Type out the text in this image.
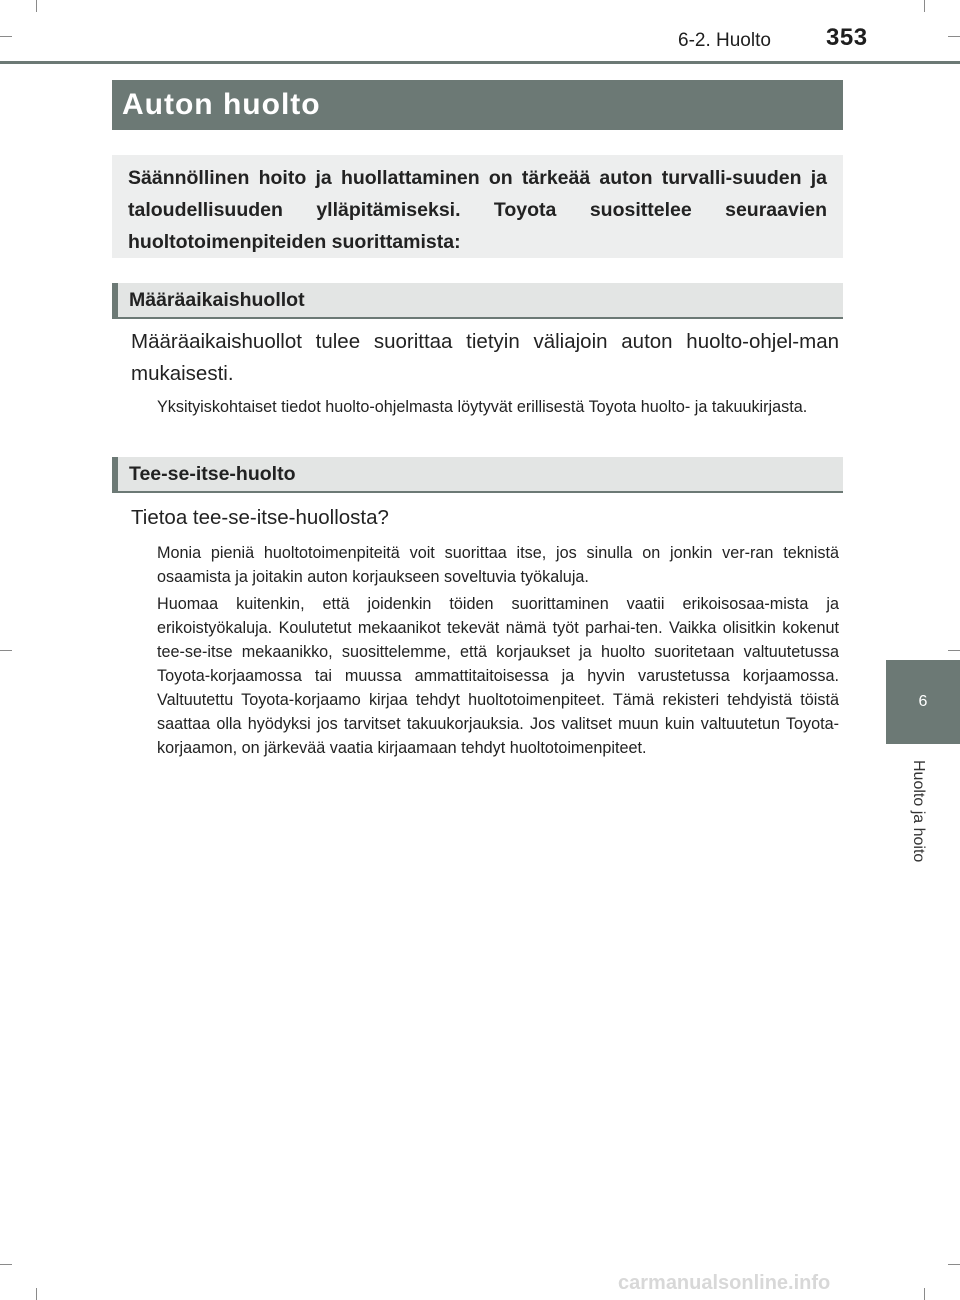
6-2. Huolto 353
Auton huolto

Säännöllinen hoito ja huollattaminen on tärkeää auton turvalli-suuden ja taloudellisuuden ylläpitämiseksi. Toyota suosittelee seuraavien huoltotoimenpiteiden suorittamista:

Määräaikaishuollot

Määräaikaishuollot tulee suorittaa tietyin väliajoin auton huolto-ohjel-man mukaisesti.

Yksityiskohtaiset tiedot huolto-ohjelmasta löytyvät erillisestä Toyota huolto- ja takuukirjasta.

Tee-se-itse-huolto

Tietoa tee-se-itse-huollosta?

Monia pieniä huoltotoimenpiteitä voit suorittaa itse, jos sinulla on jonkin ver-ran teknistä osaamista ja joitakin auton korjaukseen soveltuvia työkaluja.

Huomaa kuitenkin, että joidenkin töiden suorittaminen vaatii erikoisosaa-mista ja erikoistyökaluja. Koulutetut mekaanikot tekevät nämä työt parhai-ten. Vaikka olisitkin kokenut tee-se-itse mekaanikko, suosittelemme, että korjaukset ja huolto suoritetaan valtuutetussa Toyota-korjaamossa tai muussa ammattitaitoisessa ja hyvin varustetussa korjaamossa. Valtuutettu Toyota-korjaamo kirjaa tehdyt huoltotoimenpiteet. Tämä rekisteri tehdyistä töistä saattaa olla hyödyksi jos tarvitset takuukorjauksia. Jos valitset muun kuin valtuutetun Toyota-korjaamon, on järkevää vaatia kirjaamaan tehdyt huoltotoimenpiteet.

6
Huolto ja hoito
carmanualsonline.info
